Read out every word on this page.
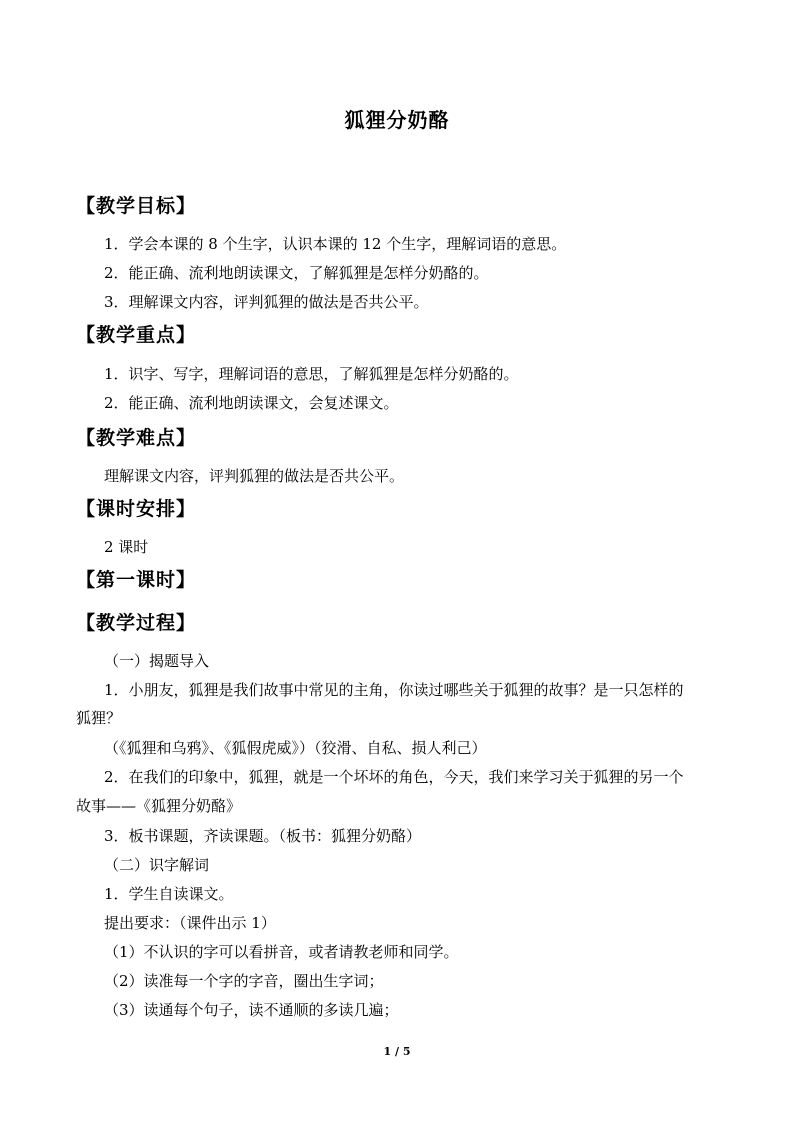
狐狸分奶酪
【教学目标】
1．学会本课的 8 个生字，认识本课的 12 个生字，理解词语的意思。
2．能正确、流利地朗读课文，了解狐狸是怎样分奶酪的。
3．理解课文内容，评判狐狸的做法是否共公平。
【教学重点】
1．识字、写字，理解词语的意思，了解狐狸是怎样分奶酪的。
2．能正确、流利地朗读课文，会复述课文。
【教学难点】
理解课文内容，评判狐狸的做法是否共公平。
【课时安排】
2 课时
【第一课时】
【教学过程】
（一）揭题导入
1．小朋友，狐狸是我们故事中常见的主角，你读过哪些关于狐狸的故事？是一只怎样的
狐狸？
（《狐狸和乌鸦》、《狐假虎威》）（狡滑、自私、损人利己）
2．在我们的印象中，狐狸，就是一个坏坏的角色，今天，我们来学习关于狐狸的另一个
故事——《狐狸分奶酪》
3．板书课题，齐读课题。（板书：狐狸分奶酪）
（二）识字解词
1．学生自读课文。
提出要求：（课件出示 1）
（1）不认识的字可以看拼音，或者请教老师和同学。
（2）读准每一个字的字音，圈出生字词；
（3）读通每个句子，读不通顺的多读几遍；
1 / 5
